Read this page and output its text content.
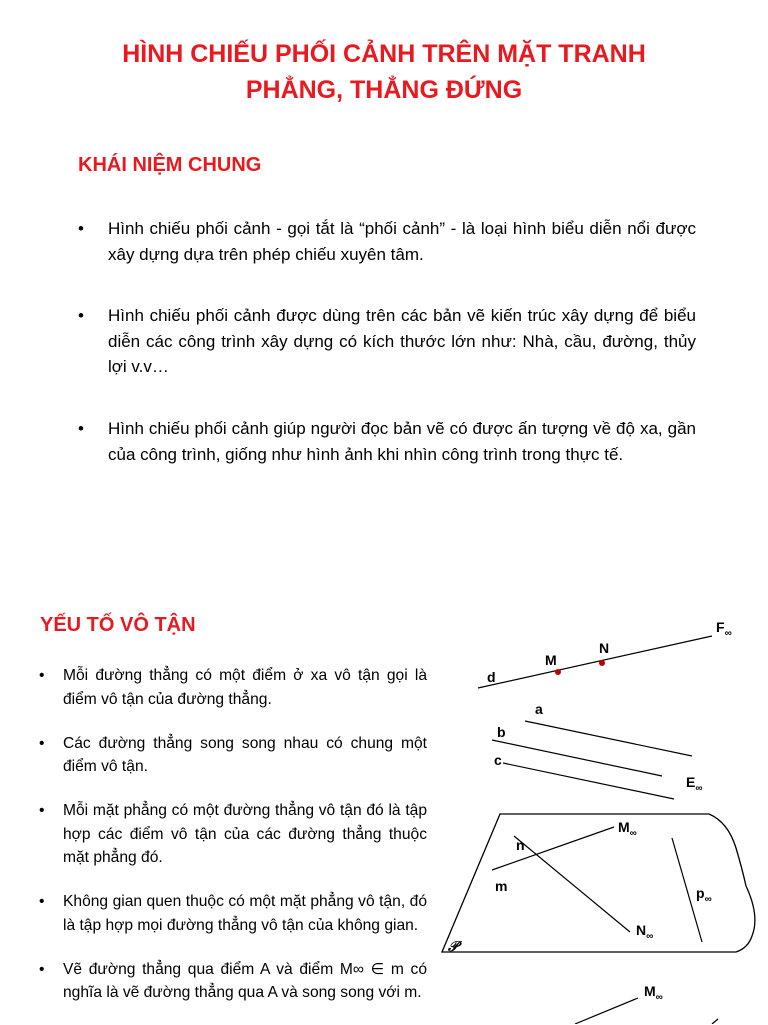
HÌNH CHIẾU PHỐI CẢNH TRÊN MẶT TRANH
PHẲNG, THẲNG ĐỨNG
KHÁI NIỆM CHUNG
• Hình chiếu phối cảnh - gọi tắt là “phối cảnh” - là loại hình biểu diễn nổi được xây dựng dựa trên phép chiếu xuyên tâm.
• Hình chiếu phối cảnh được dùng trên các bản vẽ kiến trúc xây dựng để biểu diễn các công trình xây dựng có kích thước lớn như: Nhà, cầu, đường, thủy lợi v.v…
• Hình chiếu phối cảnh giúp người đọc bản vẽ có được ấn tượng về độ xa, gần của công trình, giống như hình ảnh khi nhìn công trình trong thực tế.
YẾU TỐ VÔ TẬN
• Mỗi đường thẳng có một điểm ở xa vô tận gọi là điểm vô tận của đường thẳng.
• Các đường thẳng song song nhau có chung một điểm vô tận.
• Mỗi mặt phẳng có một đường thẳng vô tận đó là tập hợp các điểm vô tận của các đường thẳng thuộc mặt phẳng đó.
• Không gian quen thuộc có một mặt phẳng vô tận, đó là tập hợp mọi đường thẳng vô tận của không gian.
• Vẽ đường thẳng qua điểm A và điểm M∞ ∈ m có nghĩa là vẽ đường thẳng qua A và song song với m.
d
M
N
$F_\infty$
a
b
c
$E_\infty$
n
m
$M_\infty$
$N_\infty$
$p_\infty$
𝒫
$M_\infty$
